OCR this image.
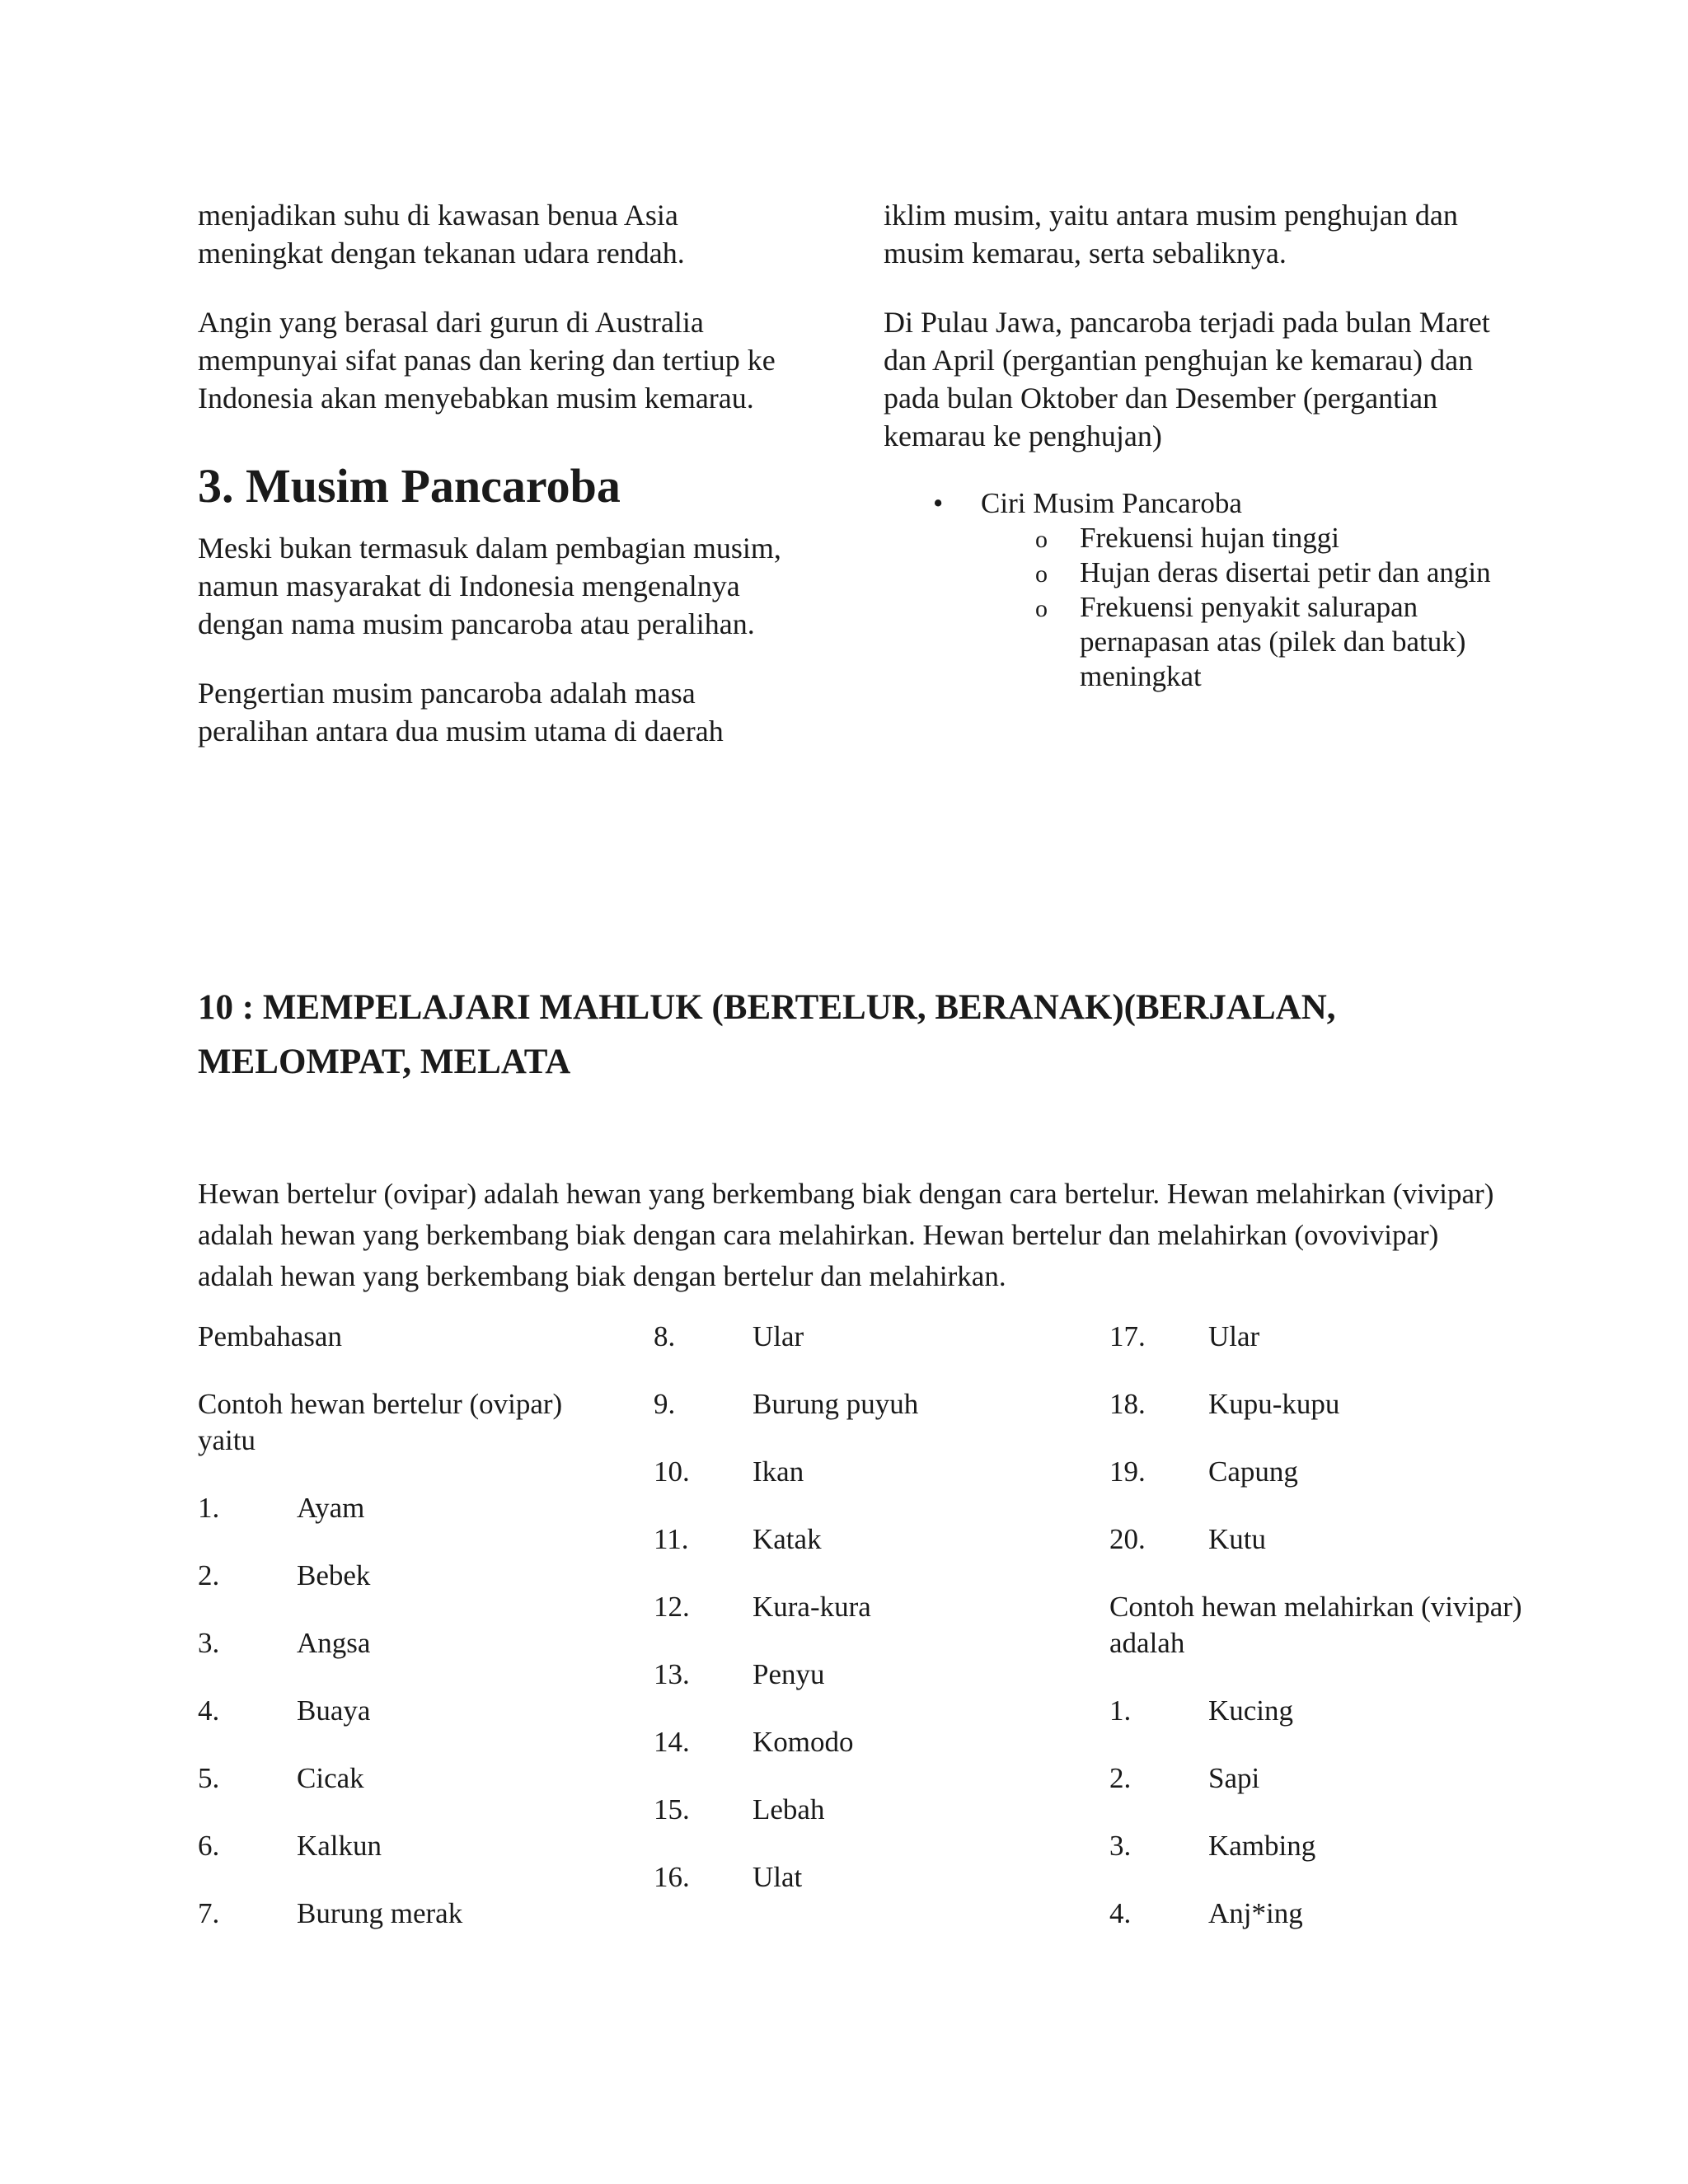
menjadikan suhu di kawasan benua Asia meningkat dengan tekanan udara rendah.

Angin yang berasal dari gurun di Australia mempunyai sifat panas dan kering dan tertiup ke Indonesia akan menyebabkan musim kemarau.

3. Musim Pancaroba

Meski bukan termasuk dalam pembagian musim, namun masyarakat di Indonesia mengenalnya dengan nama musim pancaroba atau peralihan.

Pengertian musim pancaroba adalah masa peralihan antara dua musim utama di daerah

iklim musim, yaitu antara musim penghujan dan musim kemarau, serta sebaliknya.

Di Pulau Jawa, pancaroba terjadi pada bulan Maret dan April (pergantian penghujan ke kemarau) dan pada bulan Oktober dan Desember (pergantian kemarau ke penghujan)

• Ciri Musim Pancaroba
o Frekuensi hujan tinggi
o Hujan deras disertai petir dan angin
o Frekuensi penyakit salurapan pernapasan atas (pilek dan batuk) meningkat
10 : MEMPELAJARI MAHLUK (BERTELUR, BERANAK)(BERJALAN, MELOMPAT, MELATA

Hewan bertelur (ovipar) adalah hewan yang berkembang biak dengan cara bertelur. Hewan melahirkan (vivipar) adalah hewan yang berkembang biak dengan cara melahirkan. Hewan bertelur dan melahirkan (ovovivipar) adalah hewan yang berkembang biak dengan bertelur dan melahirkan.

Pembahasan
Contoh hewan bertelur (ovipar) yaitu
1.	Ayam
2.	Bebek
3.	Angsa
4.	Buaya
5.	Cicak
6.	Kalkun
7.	Burung merak
8.	Ular
9.	Burung puyuh
10.	Ikan
11.	Katak
12.	Kura-kura
13.	Penyu
14.	Komodo
15.	Lebah
16.	Ulat
17.	Ular
18.	Kupu-kupu
19.	Capung
20.	Kutu
Contoh hewan melahirkan (vivipar) adalah
1.	Kucing
2.	Sapi
3.	Kambing
4.	Anj*ing
